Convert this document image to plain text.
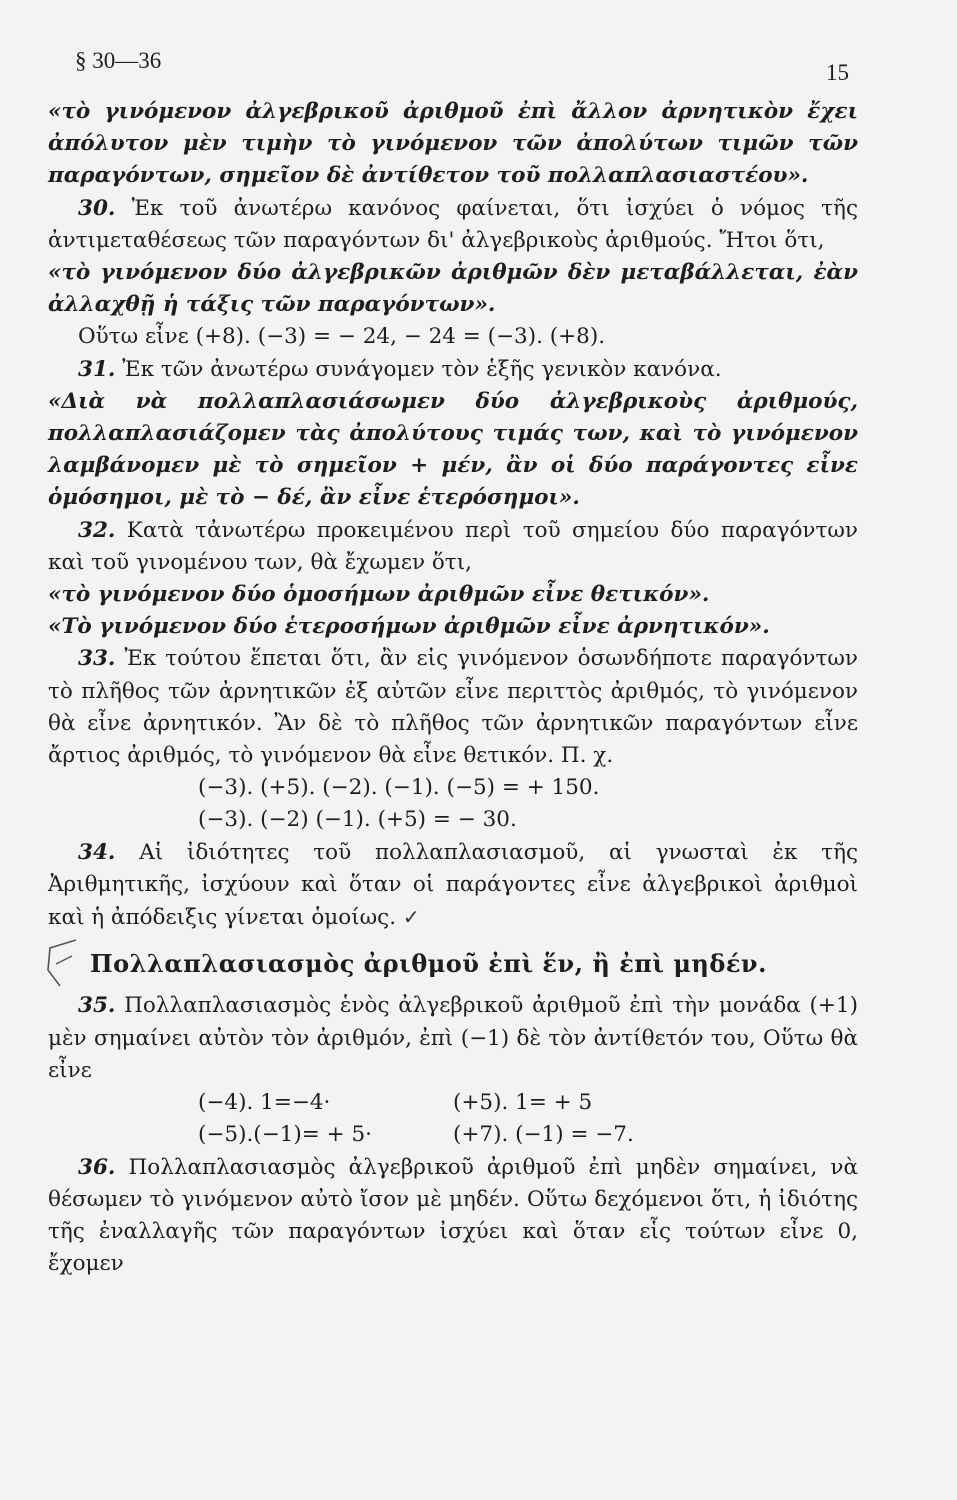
§ 30—36	15

«τὸ γινόμενον ἀλγεβρικοῦ ἀριθμοῦ ἐπὶ ἄλλον ἀρνητικὸν ἔχει ἀπόλυτον μὲν τιμὴν τὸ γινόμενον τῶν ἀπολύτων τιμῶν τῶν παραγόντων, σημεῖον δὲ ἀντίθετον τοῦ πολλαπλασιαστέου».

30. Ἐκ τοῦ ἀνωτέρω κανόνος φαίνεται, ὅτι ἰσχύει ὁ νόμος τῆς ἀντιμεταθέσεως τῶν παραγόντων δι' ἀλγεβρικοὺς ἀριθμούς. Ἤτοι ὅτι,

«τὸ γινόμενον δύο ἀλγεβρικῶν ἀριθμῶν δὲν μεταβάλλεται, ἐὰν ἀλλαχθῇ ἡ τάξις τῶν παραγόντων».

Οὕτω εἶνε (+8). (−3) = − 24, − 24 = (−3). (+8).

31. Ἐκ τῶν ἀνωτέρω συνάγομεν τὸν ἑξῆς γενικὸν κανόνα.

«Διὰ νὰ πολλαπλασιάσωμεν δύο ἀλγεβρικοὺς ἀριθμούς, πολλαπλασιάζομεν τὰς ἀπολύτους τιμάς των, καὶ τὸ γινόμενον λαμβάνομεν μὲ τὸ σημεῖον + μέν, ἂν οἱ δύο παράγοντες εἶνε ὁμόσημοι, μὲ τὸ − δέ, ἂν εἶνε ἑτερόσημοι».

32. Κατὰ τἀνωτέρω προκειμένου περὶ τοῦ σημείου δύο παραγόντων καὶ τοῦ γινομένου των, θὰ ἔχωμεν ὅτι,

«τὸ γινόμενον δύο ὁμοσήμων ἀριθμῶν εἶνε θετικόν».

«Τὸ γινόμενον δύο ἑτεροσήμων ἀριθμῶν εἶνε ἀρνητικόν».

33. Ἐκ τούτου ἕπεται ὅτι, ἂν εἰς γινόμενον ὁσωνδήποτε παραγόντων τὸ πλῆθος τῶν ἀρνητικῶν ἐξ αὐτῶν εἶνε περιττὸς ἀριθμός, τὸ γινόμενον θὰ εἶνε ἀρνητικόν. Ἂν δὲ τὸ πλῆθος τῶν ἀρνητικῶν παραγόντων εἶνε ἄρτιος ἀριθμός, τὸ γινόμενον θὰ εἶνε θετικόν. Π. χ.

(−3). (+5). (−2). (−1). (−5) = + 150.

(−3). (−2) (−1). (+5) = − 30.

34. Αἱ ἰδιότητες τοῦ πολλαπλασιασμοῦ, αἱ γνωσταὶ ἐκ τῆς Ἀριθμητικῆς, ἰσχύουν καὶ ὅταν οἱ παράγοντες εἶνε ἀλγεβρικοὶ ἀριθμοὶ καὶ ἡ ἀπόδειξις γίνεται ὁμοίως. ✓

Πολλαπλασιασμὸς ἀριθμοῦ ἐπὶ ἕν, ἢ ἐπὶ μηδέν.

35. Πολλαπλασιασμὸς ἑνὸς ἀλγεβρικοῦ ἀριθμοῦ ἐπὶ τὴν μονάδα (+1) μὲν σημαίνει αὐτὸν τὸν ἀριθμόν, ἐπὶ (−1) δὲ τὸν ἀντίθετόν του, Οὕτω θὰ εἶνε

(−4). 1=−4·	(+5). 1= + 5

(−5).(−1)= + 5·	(+7). (−1) = −7.

36. Πολλαπλασιασμὸς ἀλγεβρικοῦ ἀριθμοῦ ἐπὶ μηδὲν σημαίνει, νὰ θέσωμεν τὸ γινόμενον αὐτὸ ἴσον μὲ μηδέν. Οὕτω δεχόμενοι ὅτι, ἡ ἰδιότης τῆς ἐναλλαγῆς τῶν παραγόντων ἰσχύει καὶ ὅταν εἷς τούτων εἶνε 0, ἔχομεν
